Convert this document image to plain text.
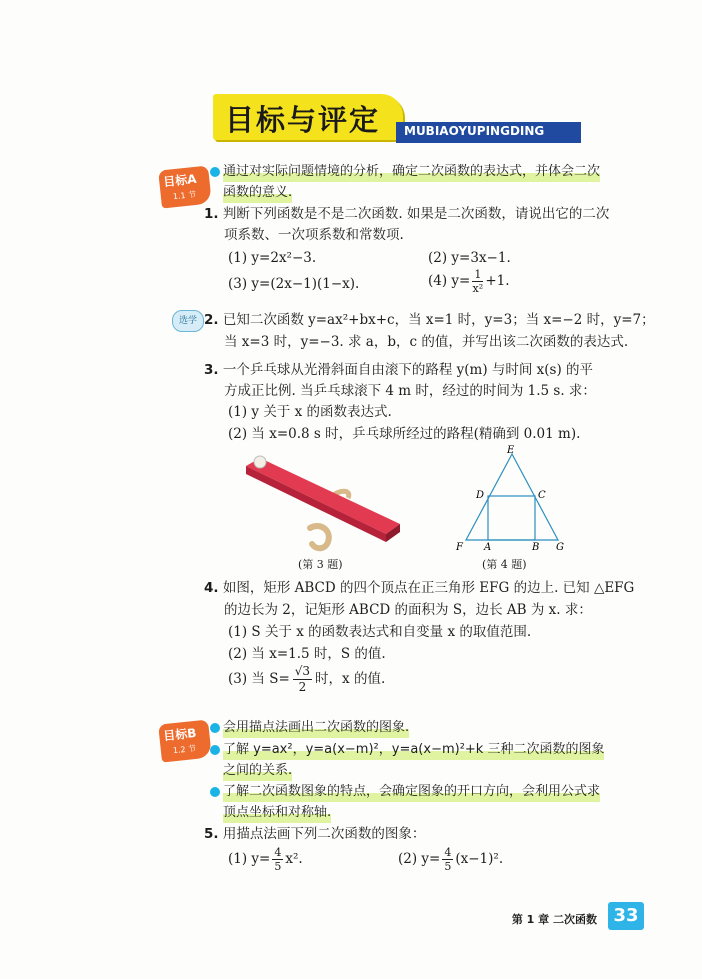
目标与评定 MUBIAOYUPINGDING
目标A
1.1 节
通过对实际问题情境的分析，确定二次函数的表达式，并体会二次
函数的意义.
1. 判断下列函数是不是二次函数. 如果是二次函数，请说出它的二次
项系数、一次项系数和常数项.
(1) y=2x²−3.	(2) y=3x−1.
(3) y=(2x−1)(1−x).	(4) $y= \frac{1}{\text{x²}} +1$.
选学 2. 已知二次函数 y=ax²+bx+c，当 x=1 时，y=3；当 x=−2 时，y=7；
当 x=3 时，y=−3. 求 a，b，c 的值，并写出该二次函数的表达式.
3. 一个乒乓球从光滑斜面自由滚下的路程 y(m) 与时间 x(s) 的平
方成正比例. 当乒乓球滚下 4 m 时，经过的时间为 1.5 s. 求：
(1) y 关于 x 的函数表达式.
(2) 当 x=0.8 s 时，乒乓球所经过的路程(精确到 0.01 m).
(第 3 题)
E
D	C
F A	B G
(第 4 题)
4. 如图，矩形 ABCD 的四个顶点在正三角形 EFG 的边上. 已知 △EFG
的边长为 2，记矩形 ABCD 的面积为 S，边长 AB 为 x. 求：
(1) S 关于 x 的函数表达式和自变量 x 的取值范围.
(2) 当 x=1.5 时，S 的值.
(3) 当 $S= \frac{√3}{2}$ 时，x 的值.
目标B
1.2 节
会用描点法画出二次函数的图象.
了解 y=ax²，y=a(x−m)²，y=a(x−m)²+k 三种二次函数的图象
之间的关系.
了解二次函数图象的特点，会确定图象的开口方向，会利用公式求
顶点坐标和对称轴.
5. 用描点法画下列二次函数的图象：
(1) $y= \frac{4}{5} x^2$.	(2) $y= \frac{4}{5} (x-1)^2$.
第 1 章 二次函数 33
